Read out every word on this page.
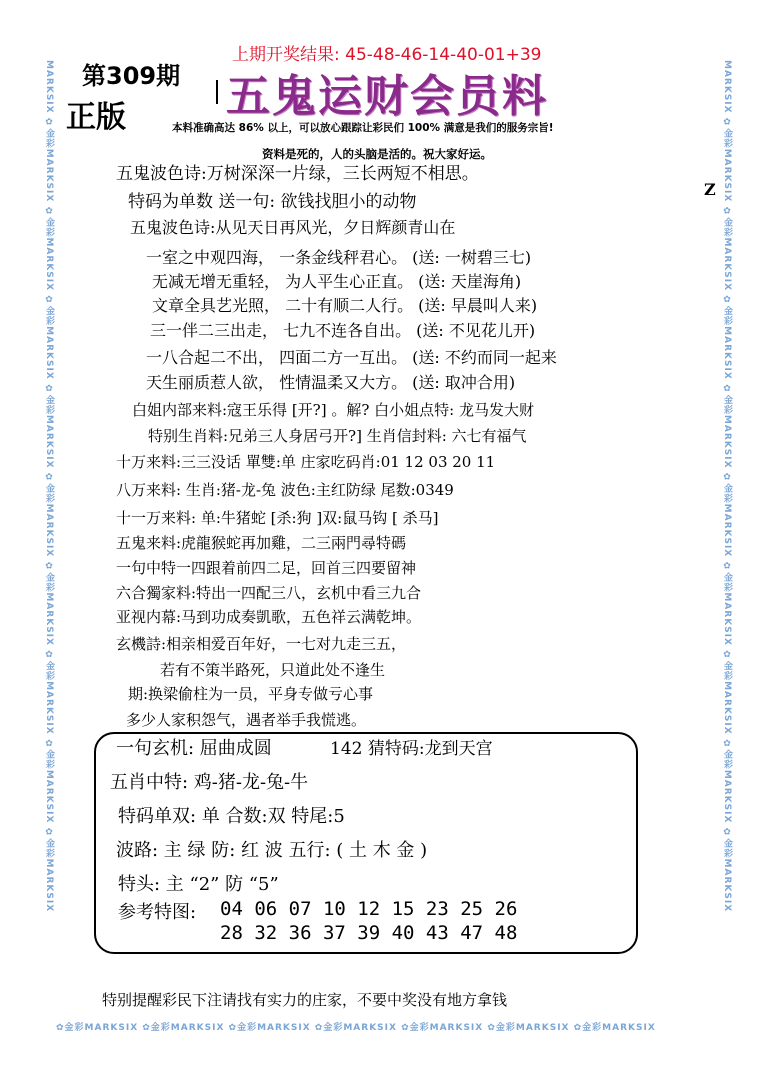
MARKSIX ✿金彩MARKSIX ✿金彩MARKSIX ✿金彩MARKSIX ✿金彩MARKSIX ✿金彩MARKSIX ✿金彩MARKSIX ✿金彩MARKSIX ✿金彩MARKSIX ✿金彩MARKSIX	MARKSIX ✿金彩MARKSIX ✿金彩MARKSIX ✿金彩MARKSIX ✿金彩MARKSIX ✿金彩MARKSIX ✿金彩MARKSIX ✿金彩MARKSIX ✿金彩MARKSIX ✿金彩MARKSIX
✿金彩MARKSIX ✿金彩MARKSIX ✿金彩MARKSIX ✿金彩MARKSIX ✿金彩MARKSIX ✿金彩MARKSIX ✿金彩MARKSIX
第309期
正版
上期开奖结果: 45-48-46-14-40-01+39
五鬼运财会员料
本料准确高达 86% 以上，可以放心跟踪让彩民们 100% 满意是我们的服务宗旨!
资料是死的，人的头脑是活的。祝大家好运。
Z
五鬼波色诗:万树深深一片绿，三长两短不相思。
特码为单数 送一句: 欲钱找胆小的动物
五鬼波色诗:从见天日再风光，夕日辉颜青山在
一室之中观四海， 一条金线秤君心。 (送: 一树碧三七)
无减无增无重轻， 为人平生心正直。 (送: 天崖海角)
文章全具艺光照， 二十有顺二人行。 (送: 早晨叫人来)
三一伴二三出走， 七九不连各自出。 (送: 不见花儿开)
一八合起二不出， 四面二方一互出。 (送: 不约而同一起来
天生丽质惹人欲， 性情温柔又大方。 (送: 取冲合用)
白姐内部来料:寇王乐得 [开?] 。解? 白小姐点特: 龙马发大财
特别生肖料:兄弟三人身居弓开?] 生肖信封料: 六七有福气
十万来料:三三没话 單雙:单 庄家吃码肖:01 12 03 20 11
八万来料: 生肖:猪-龙-兔 波色:主红防绿 尾数:0349
十一万来料: 单:牛猪蛇 [杀:狗 ]双:鼠马钩 [ 杀马]
五鬼来料:虎龍猴蛇再加雞，二三兩門尋特碼
一句中特一四跟着前四二足，回首三四要留神
六合獨家料:特出一四配三八，玄机中看三九合
亚视内幕:马到功成奏凱歌，五色祥云满乾坤。
玄機詩:相亲相爱百年好，一七对九走三五，
若有不策半路死，只道此处不逢生
期:换梁偷柱为一员，平身专做亏心事
多少人家积怨气，遇者举手我慌逃。
一句玄机: 屈曲成圆	142 猜特码:龙到天宫
五肖中特: 鸡-猪-龙-兔-牛
特码单双: 单 合数:双 特尾:5
波路: 主 绿 防: 红 波 五行: ( 土 木 金 )
特头: 主 “2” 防 “5”
参考特图: 04 06 07 10 12 15 23 25 26
28 32 36 37 39 40 43 47 48
特别提醒彩民下注请找有实力的庄家，不要中奖没有地方拿钱
